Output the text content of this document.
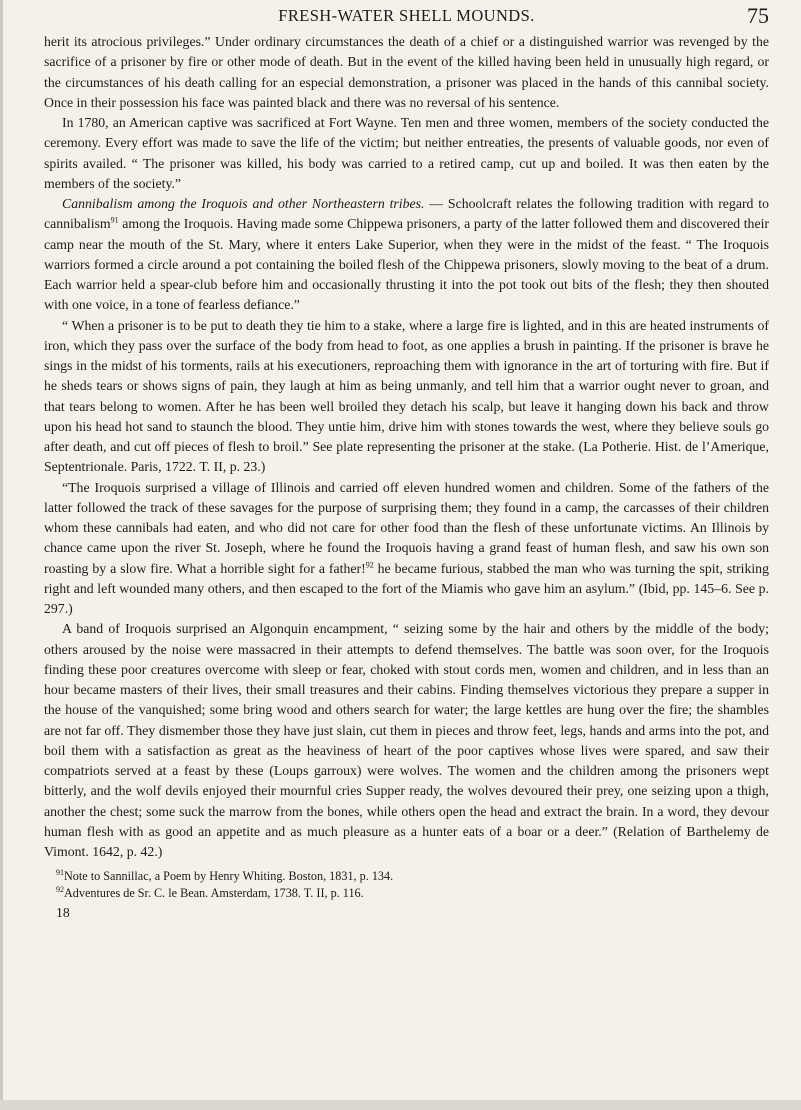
FRESH-WATER SHELL MOUNDS.	75

herit its atrocious privileges.” Under ordinary circumstances the death of a chief or a distinguished warrior was revenged by the sacrifice of a prisoner by fire or other mode of death. But in the event of the killed having been held in unusually high regard, or the circumstances of his death calling for an especial demonstration, a prisoner was placed in the hands of this cannibal society. Once in their possession his face was painted black and there was no reversal of his sentence.

In 1780, an American captive was sacrificed at Fort Wayne. Ten men and three women, members of the society conducted the ceremony. Every effort was made to save the life of the victim; but neither entreaties, the presents of valuable goods, nor even of spirits availed. “ The prisoner was killed, his body was carried to a retired camp, cut up and boiled. It was then eaten by the members of the society.”

Cannibalism among the Iroquois and other Northeastern tribes. — Schoolcraft relates the following tradition with regard to cannibalism$^{91}$ among the Iroquois. Having made some Chippewa prisoners, a party of the latter followed them and discovered their camp near the mouth of the St. Mary, where it enters Lake Superior, when they were in the midst of the feast. “ The Iroquois warriors formed a circle around a pot containing the boiled flesh of the Chippewa prisoners, slowly moving to the beat of a drum. Each warrior held a spear-club before him and occasionally thrusting it into the pot took out bits of the flesh; they then shouted with one voice, in a tone of fearless defiance.”

“ When a prisoner is to be put to death they tie him to a stake, where a large fire is lighted, and in this are heated instruments of iron, which they pass over the surface of the body from head to foot, as one applies a brush in painting. If the prisoner is brave he sings in the midst of his torments, rails at his executioners, reproaching them with ignorance in the art of torturing with fire. But if he sheds tears or shows signs of pain, they laugh at him as being unmanly, and tell him that a warrior ought never to groan, and that tears belong to women. After he has been well broiled they detach his scalp, but leave it hanging down his back and throw upon his head hot sand to staunch the blood. They untie him, drive him with stones towards the west, where they believe souls go after death, and cut off pieces of flesh to broil.” See plate representing the prisoner at the stake. (La Potherie. Hist. de l’Amerique, Septentrionale. Paris, 1722. T. II, p. 23.)

“The Iroquois surprised a village of Illinois and carried off eleven hundred women and children. Some of the fathers of the latter followed the track of these savages for the purpose of surprising them; they found in a camp, the carcasses of their children whom these cannibals had eaten, and who did not care for other food than the flesh of these unfortunate victims. An Illinois by chance came upon the river St. Joseph, where he found the Iroquois having a grand feast of human flesh, and saw his own son roasting by a slow fire. What a horrible sight for a father!$^{92}$ he became furious, stabbed the man who was turning the spit, striking right and left wounded many others, and then escaped to the fort of the Miamis who gave him an asylum.” (Ibid, pp. 145–6. See p. 297.)

A band of Iroquois surprised an Algonquin encampment, “ seizing some by the hair and others by the middle of the body; others aroused by the noise were massacred in their attempts to defend themselves. The battle was soon over, for the Iroquois finding these poor creatures overcome with sleep or fear, choked with stout cords men, women and children, and in less than an hour became masters of their lives, their small treasures and their cabins. Finding themselves victorious they prepare a supper in the house of the vanquished; some bring wood and others search for water; the large kettles are hung over the fire; the shambles are not far off. They dismember those they have just slain, cut them in pieces and throw feet, legs, hands and arms into the pot, and boil them with a satisfaction as great as the heaviness of heart of the poor captives whose lives were spared, and saw their compatriots served at a feast by these (Loups garroux) were wolves. The women and the children among the prisoners wept bitterly, and the wolf devils enjoyed their mournful cries Supper ready, the wolves devoured their prey, one seizing upon a thigh, another the chest; some suck the marrow from the bones, while others open the head and extract the brain. In a word, they devour human flesh with as good an appetite and as much pleasure as a hunter eats of a boar or a deer.” (Relation of Barthelemy de Vimont. 1642, p. 42.)

$^{91}$Note to Sannillac, a Poem by Henry Whiting. Boston, 1831, p. 134.

$^{92}$Adventures de Sr. C. le Bean. Amsterdam, 1738. T. II, p. 116.

18
